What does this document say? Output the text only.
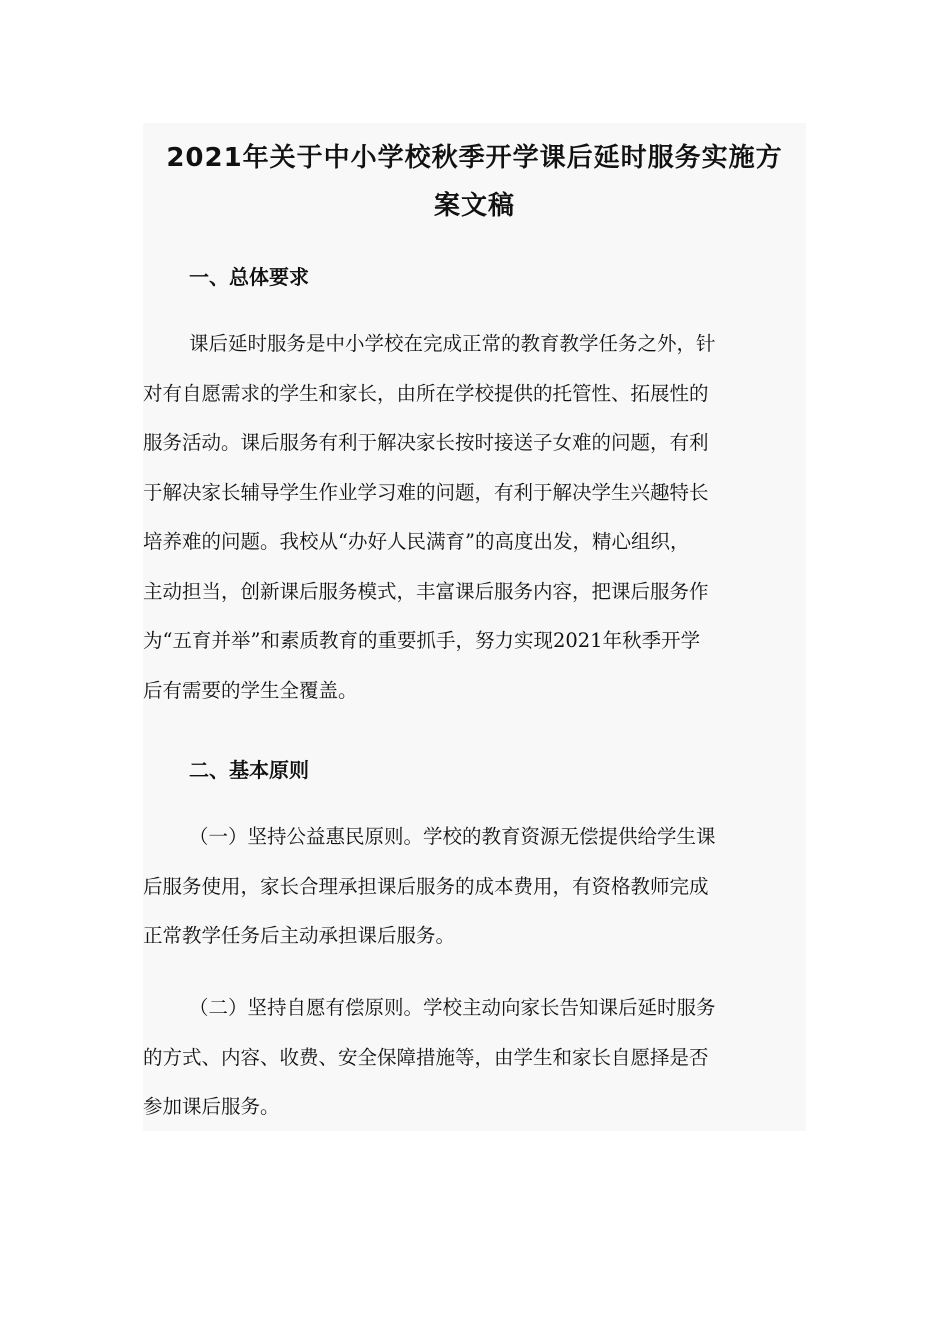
2021年关于中小学校秋季开学课后延时服务实施方
案文稿
一、总体要求
课后延时服务是中小学校在完成正常的教育教学任务之外，针
对有自愿需求的学生和家长，由所在学校提供的托管性、拓展性的
服务活动。课后服务有利于解决家长按时接送子女难的问题，有利
于解决家长辅导学生作业学习难的问题，有利于解决学生兴趣特长
培养难的问题。我校从“办好人民满育”的高度出发，精心组织，
主动担当，创新课后服务模式，丰富课后服务内容，把课后服务作
为“五育并举”和素质教育的重要抓手，努力实现2021年秋季开学
后有需要的学生全覆盖。
二、基本原则
（一）坚持公益惠民原则。学校的教育资源无偿提供给学生课
后服务使用，家长合理承担课后服务的成本费用，有资格教师完成
正常教学任务后主动承担课后服务。
（二）坚持自愿有偿原则。学校主动向家长告知课后延时服务
的方式、内容、收费、安全保障措施等，由学生和家长自愿择是否
参加课后服务。
